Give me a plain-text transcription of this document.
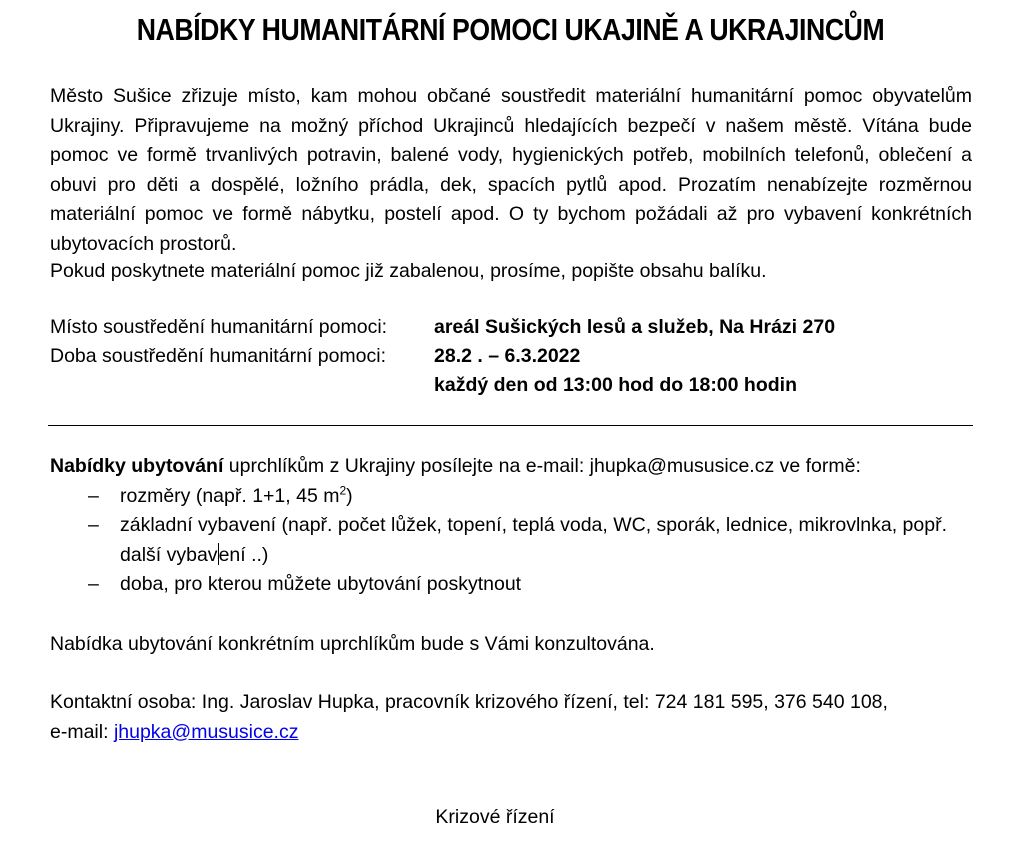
NABÍDKY HUMANITÁRNÍ POMOCI UKAJINĚ A UKRAJINCŮM
Město Sušice zřizuje místo, kam mohou občané soustředit materiální humanitární pomoc obyvatelům Ukrajiny. Připravujeme na možný příchod Ukrajinců hledajících bezpečí v našem městě. Vítána bude pomoc ve formě trvanlivých potravin, balené vody, hygienických potřeb, mobilních telefonů, oblečení a obuvi pro děti a dospělé, ložního prádla, dek, spacích pytlů apod. Prozatím nenabízejte rozměrnou materiální pomoc ve formě nábytku, postelí apod. O ty bychom požádali až pro vybavení konkrétních ubytovacích prostorů.
Pokud poskytnete materiální pomoc již zabalenou, prosíme, popište obsahu balíku.
Místo soustředění humanitární pomoci: areál Sušických lesů a služeb, Na Hrázi 270
Doba soustředění humanitární pomoci: 28.2 . – 6.3.2022
každý den od 13:00 hod do 18:00 hodin

Nabídky ubytování uprchlíkům z Ukrajiny posílejte na e-mail: jhupka@mususice.cz ve formě:

– rozměry (např. 1+1, 45 $m^2$)
– základní vybavení (např. počet lůžek, topení, teplá voda, WC, sporák, lednice, mikrovlnka, popř. další vybavení ..)
– doba, pro kterou můžete ubytování poskytnout
Nabídka ubytování konkrétním uprchlíkům bude s Vámi konzultována.
Kontaktní osoba: Ing. Jaroslav Hupka, pracovník krizového řízení, tel: 724 181 595, 376 540 108,
e-mail: jhupka@mususice.cz
Krizové řízení
